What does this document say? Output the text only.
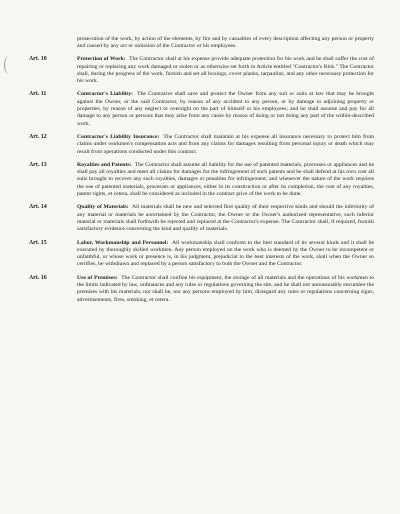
prosecution of the work, by action of the elements, by fire and by casualties of every description affecting any person or property and caused by any act or omission of the Contractor or his employees.

Art. 10	Protection of Work: The Contractor shall at his expense provide adequate protection for his work and he shall suffer the cost of repairing or replacing any work damaged or stolen or as otherwise set forth in Article entitled "Contractor's Risk." The Contractor shall, during the progress of the work, furnish and set all boxings, cover planks, tarpaulins, and any other necessary protection for his work.
Art. 11	Contractor's Liability: The Contractor shall save and protect the Owner from any suit or suits at law that may be brought against the Owner, or the said Contractor, by reason of any accident to any person, or by damage to adjoining property or properties, by reason of any neglect or oversight on the part of himself or his employees; and he shall assume and pay for all damage to any person or persons that may arise from any cause by reason of doing or not doing any part of the within-described work.
Art. 12	Contractor's Liability Insurance: The Contractor shall maintain at his expense all insurance necessary to protect him from claims under workmen's compensation acts and from any claims for damages resulting from personal injury or death which may result from operations conducted under this contract.
Art. 13	Royalties and Patents: The Contractor shall assume all liability for the use of patented materials, processes or appliances and he shall pay all royalties and meet all claims for damages for the infringement of such patents and he shall defend at his own cost all suits brought to recover any such royalties, damages or penalties for infringement; and whenever the nature of the work requires the use of patented materials, processes or appliances, either in its construction or after its completion, the cost of any royalties, patent rights, et cetera, shall be considered as included in the contract price of the work to be done.
Art. 14	Quality of Materials: All materials shall be new and selected first quality of their respective kinds and should the inferiority of any material or materials be ascertained by the Contractor, the Owner or the Owner's authorized representative, such inferior material or materials shall forthwith be rejected and replaced at the Contractor's expense. The Contractor shall, if required, furnish satisfactory evidence concerning the kind and quality of materials.
Art. 15	Labor, Workmanship and Personnel: All workmanship shall conform to the best standard of its several kinds and it shall be executed by thoroughly skilled workmen. Any person employed on the work who is deemed by the Owner to be incompetent or unfaithful, or whose work or presence is, in his judgment, prejudicial to the best interests of the work, shall when the Owner so certifies, be withdrawn and replaced by a person satisfactory to both the Owner and the Contractor.
Art. 16	Use of Premises: The Contractor shall confine his equipment, the storage of all materials and the operations of his workmen to the limits indicated by law, ordinances and any rules or regulations governing the site, and he shall not unreasonably encumber the premises with his materials; nor shall he, nor any persons employed by him, disregard any rules or regulations concerning signs, advertisements, fires, smoking, et cetera.
